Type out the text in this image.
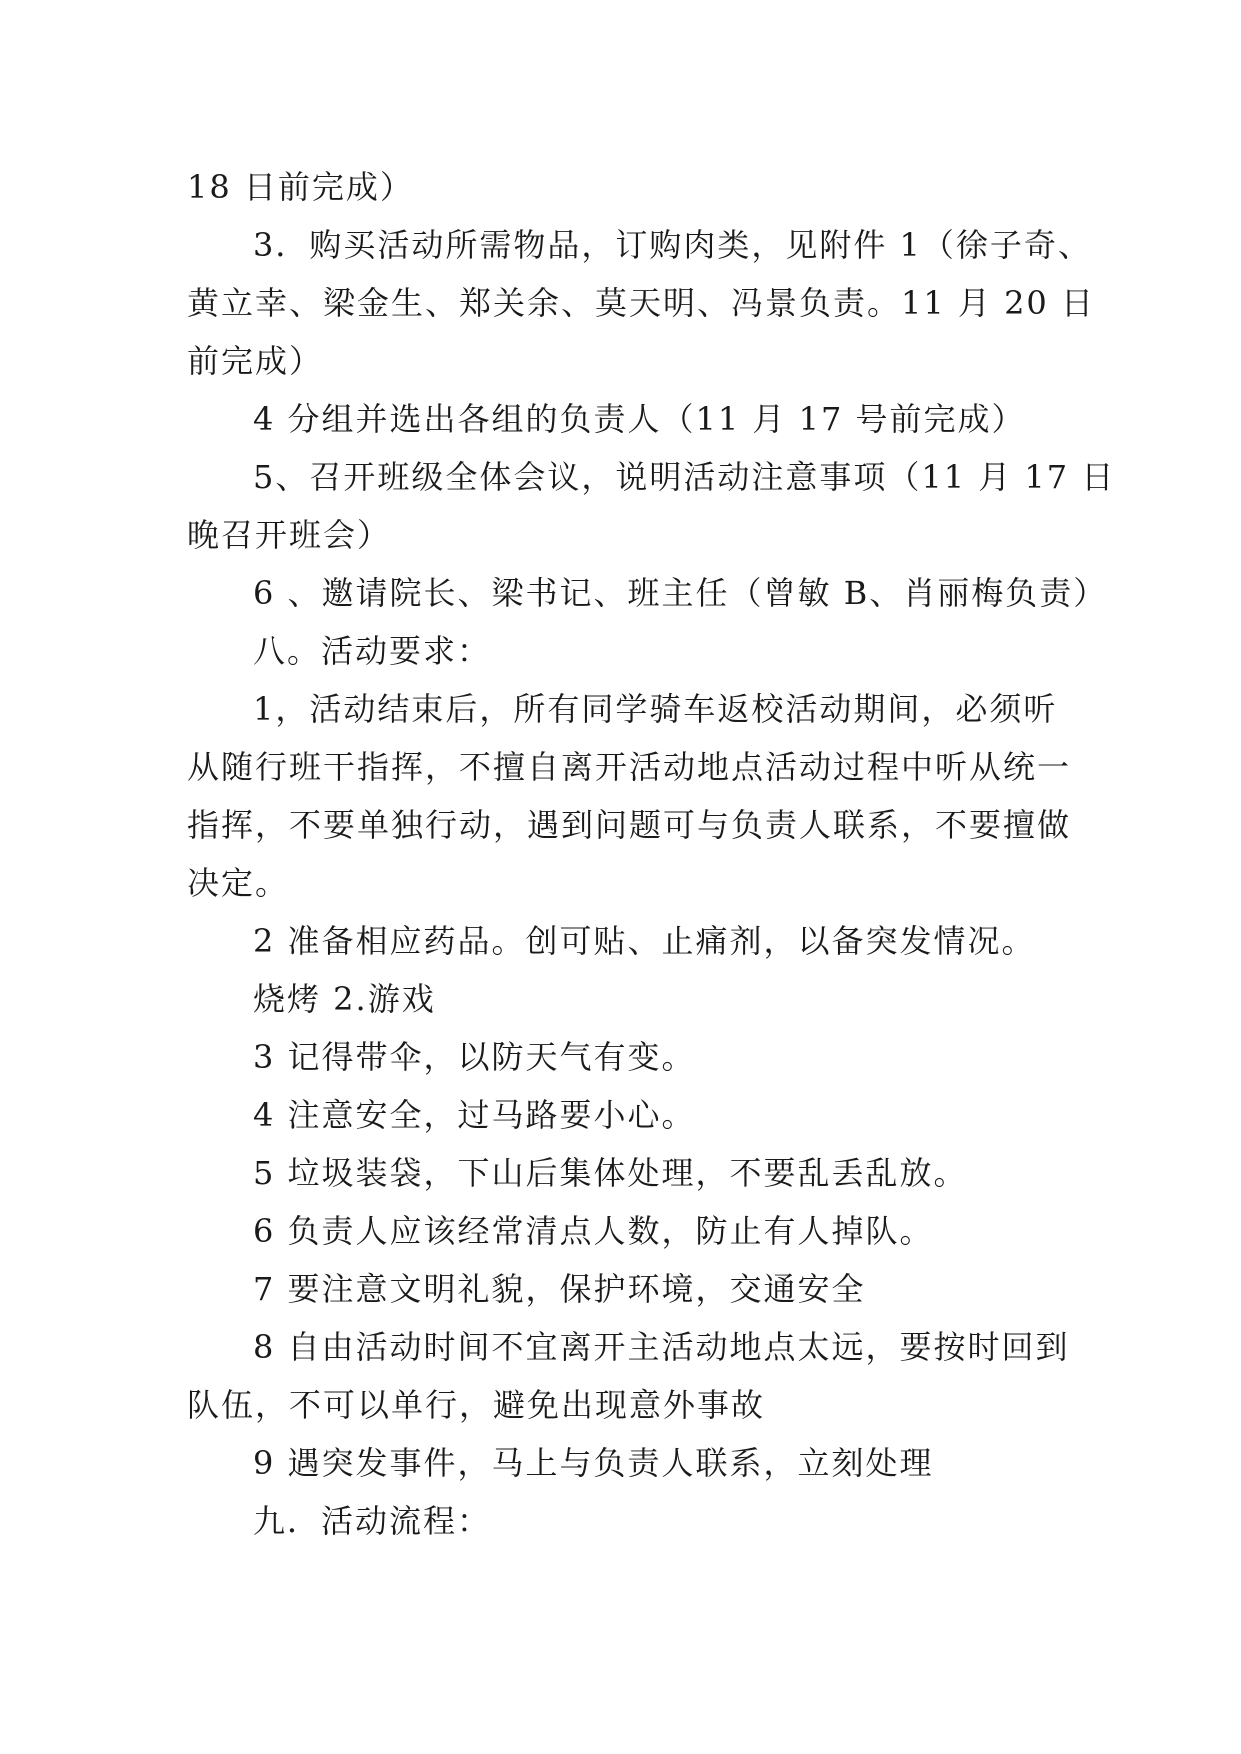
18 日前完成）
3．购买活动所需物品，订购肉类，见附件 1（徐子奇、
黄立幸、梁金生、郑关余、莫天明、冯景负责。11 月 20 日
前完成）
4 分组并选出各组的负责人（11 月 17 号前完成）
5、召开班级全体会议，说明活动注意事项（11 月 17 日
晚召开班会）
6 、邀请院长、梁书记、班主任（曾敏 B、肖丽梅负责）
八。活动要求：
1，活动结束后，所有同学骑车返校活动期间，必须听
从随行班干指挥，不擅自离开活动地点活动过程中听从统一
指挥，不要单独行动，遇到问题可与负责人联系，不要擅做
决定。
2 准备相应药品。创可贴、止痛剂，以备突发情况。
烧烤 2.游戏
3 记得带伞，以防天气有变。
4 注意安全，过马路要小心。
5 垃圾装袋，下山后集体处理，不要乱丢乱放。
6 负责人应该经常清点人数，防止有人掉队。
7 要注意文明礼貌，保护环境，交通安全
8 自由活动时间不宜离开主活动地点太远，要按时回到
队伍，不可以单行，避免出现意外事故
9 遇突发事件，马上与负责人联系，立刻处理
九．活动流程：
